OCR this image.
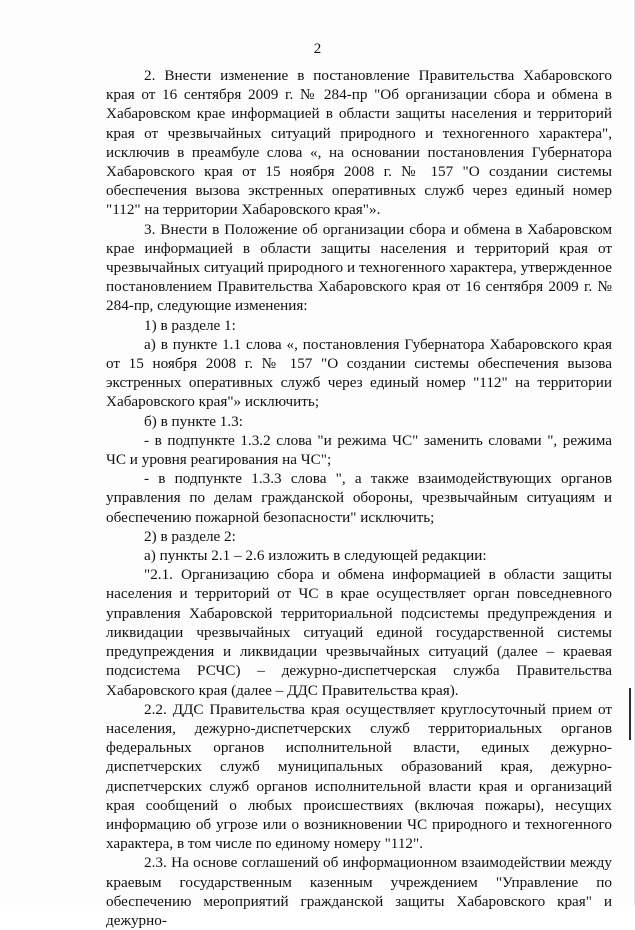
2

2. Внести изменение в постановление Правительства Хабаровского края от 16 сентября 2009 г. № 284-пр "Об организации сбора и обмена в Хабаровском крае информацией в области защиты населения и территорий края от чрезвычайных ситуаций природного и техногенного характера", исключив в преамбуле слова «, на основании постановления Губернатора Хабаровского края от 15 ноября 2008 г. № 157 "О создании системы обеспечения вызова экстренных оперативных служб через единый номер "112" на территории Хабаровского края"».

3. Внести в Положение об организации сбора и обмена в Хабаровском крае информацией в области защиты населения и территорий края от чрезвычайных ситуаций природного и техногенного характера, утвержденное постановлением Правительства Хабаровского края от 16 сентября 2009 г. № 284-пр, следующие изменения:

1) в разделе 1:

а) в пункте 1.1 слова «, постановления Губернатора Хабаровского края от 15 ноября 2008 г. № 157 "О создании системы обеспечения вызова экстренных оперативных служб через единый номер "112" на территории Хабаровского края"» исключить;

б) в пункте 1.3:

- в подпункте 1.3.2 слова "и режима ЧС" заменить словами ", режима ЧС и уровня реагирования на ЧС";

- в подпункте 1.3.3 слова ", а также взаимодействующих органов управления по делам гражданской обороны, чрезвычайным ситуациям и обеспечению пожарной безопасности" исключить;

2) в разделе 2:

а) пункты 2.1 – 2.6 изложить в следующей редакции:

"2.1. Организацию сбора и обмена информацией в области защиты населения и территорий от ЧС в крае осуществляет орган повседневного управления Хабаровской территориальной подсистемы предупреждения и ликвидации чрезвычайных ситуаций единой государственной системы предупреждения и ликвидации чрезвычайных ситуаций (далее – краевая подсистема РСЧС) – дежурно-диспетчерская служба Правительства Хабаровского края (далее – ДДС Правительства края).

2.2. ДДС Правительства края осуществляет круглосуточный прием от населения, дежурно-диспетчерских служб территориальных органов федеральных органов исполнительной власти, единых дежурно-диспетчерских служб муниципальных образований края, дежурно-диспетчерских служб органов исполнительной власти края и организаций края сообщений о любых происшествиях (включая пожары), несущих информацию об угрозе или о возникновении ЧС природного и техногенного характера, в том числе по единому номеру "112".

2.3. На основе соглашений об информационном взаимодействии между краевым государственным казенным учреждением "Управление по обеспечению мероприятий гражданской защиты Хабаровского края" и дежурно-
